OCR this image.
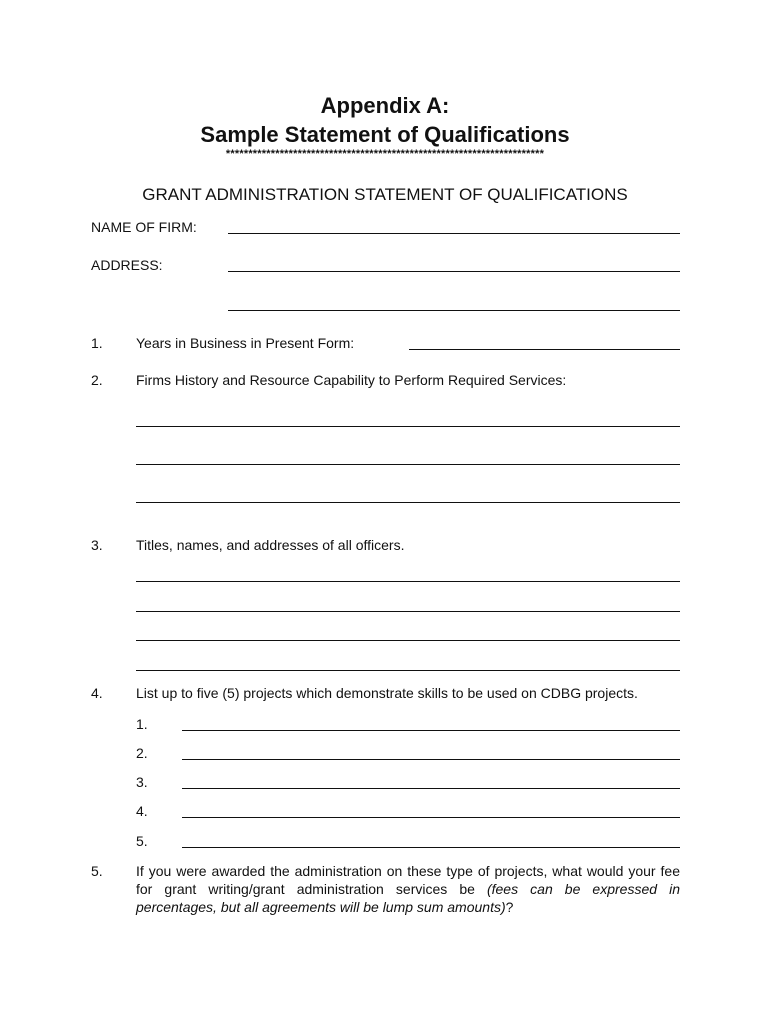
Appendix A:
Sample Statement of Qualifications
***********************************************************************
GRANT ADMINISTRATION STATEMENT OF QUALIFICATIONS
NAME OF FIRM:
ADDRESS:
1. Years in Business in Present Form:
2. Firms History and Resource Capability to Perform Required Services:
3. Titles, names, and addresses of all officers.
4. List up to five (5) projects which demonstrate skills to be used on CDBG projects.
1.
2.
3.
4.
5.
5. If you were awarded the administration on these type of projects, what would your fee for grant writing/grant administration services be (fees can be expressed in percentages, but all agreements will be lump sum amounts)?
